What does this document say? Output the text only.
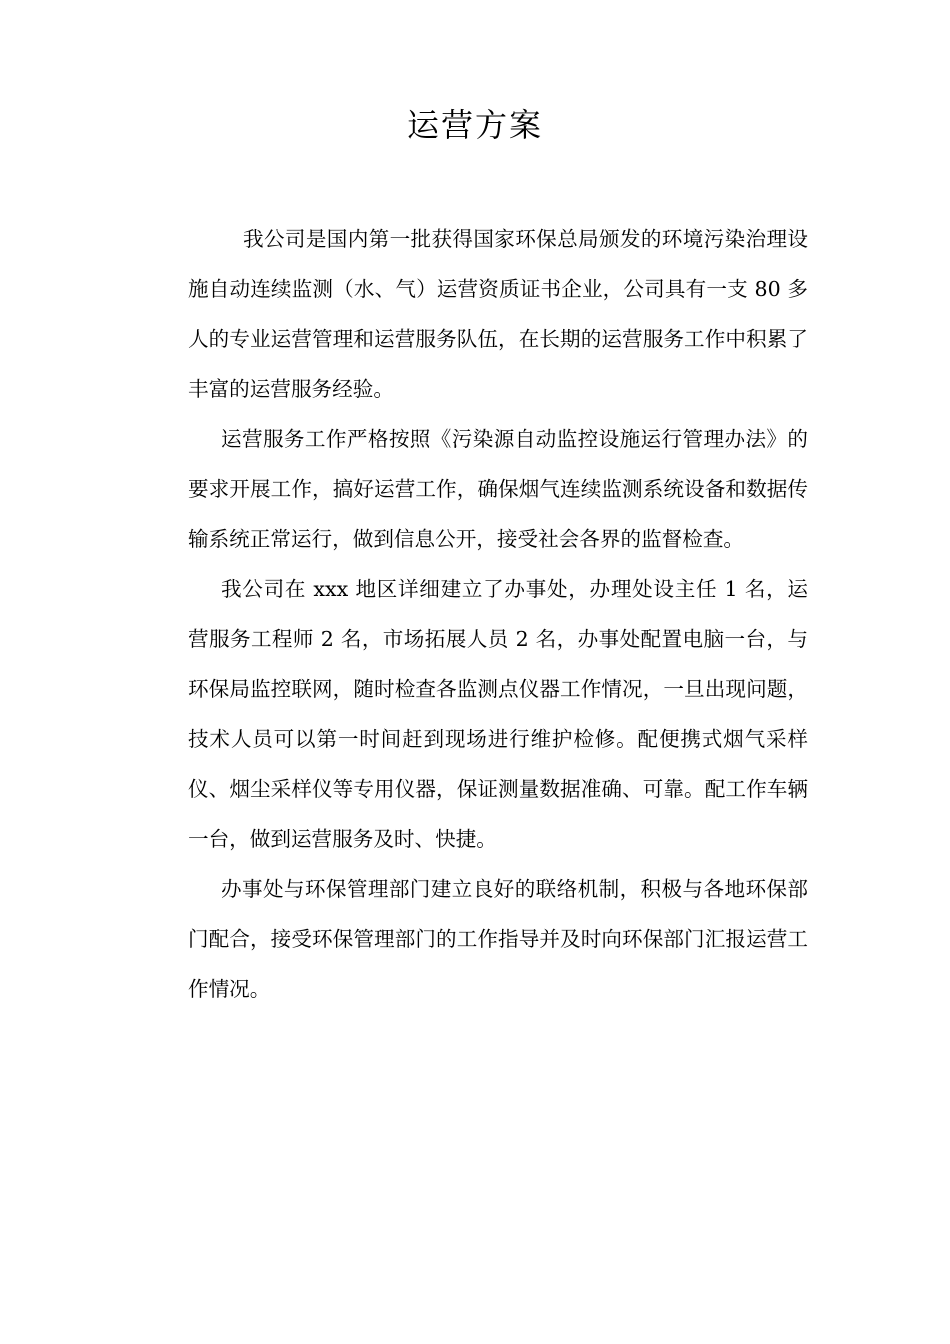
运营方案

我公司是国内第一批获得国家环保总局颁发的环境污染治理设施自动连续监测（水、气）运营资质证书企业，公司具有一支 80 多人的专业运营管理和运营服务队伍，在长期的运营服务工作中积累了丰富的运营服务经验。

运营服务工作严格按照《污染源自动监控设施运行管理办法》的要求开展工作，搞好运营工作，确保烟气连续监测系统设备和数据传输系统正常运行，做到信息公开，接受社会各界的监督检查。

我公司在 xxx 地区详细建立了办事处，办理处设主任 1 名，运营服务工程师 2 名，市场拓展人员 2 名，办事处配置电脑一台，与环保局监控联网，随时检查各监测点仪器工作情况，一旦出现问题，技术人员可以第一时间赶到现场进行维护检修。配便携式烟气采样仪、烟尘采样仪等专用仪器，保证测量数据准确、可靠。配工作车辆一台，做到运营服务及时、快捷。

办事处与环保管理部门建立良好的联络机制，积极与各地环保部门配合，接受环保管理部门的工作指导并及时向环保部门汇报运营工作情况。
